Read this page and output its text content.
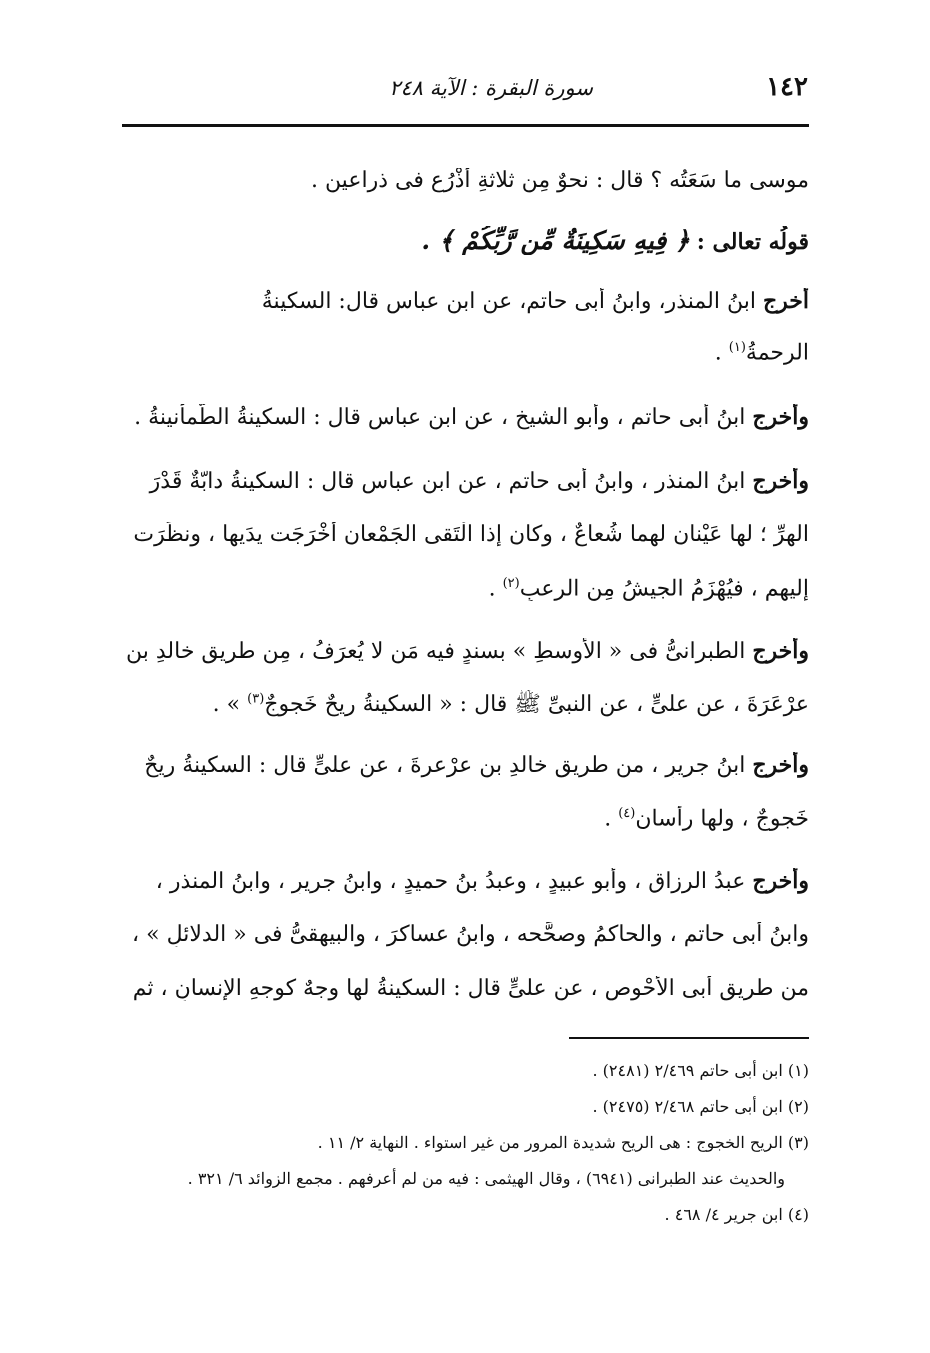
١٤٢
سورة البقرة : الآية ٢٤٨
موسى ما سَعَتُه ؟ قال : نحوٌ مِن ثلاثةِ أذْرُعٍ فى ذراعين .
قولُه تعالى : ﴿ فِيهِ سَكِينَةٌ مِّن رَّبِّكُمْ ﴾ .
أخرج ابنُ المنذرِ، وابنُ أبى حاتمٍ، عن ابنِ عباسٍ قال: السكينةُ
الرحمةُ$^{(١)}$ .
وأخرج ابنُ أبى حاتمٍ ، وأبو الشيخِ ، عن ابنِ عباسٍ قال : السكينةُ الطُّمأنينةُ .
وأخرج ابنُ المنذرِ ، وابنُ أبى حاتمٍ ، عن ابنِ عباسٍ قال : السكينةُ دابّةٌ قَدْرَ
الهِرِّ ؛ لها عَيْنان لهما شُعاعٌ ، وكان إذا الْتَقى الجَمْعان أخْرَجَت يدَيها ، ونظَرَت
إليهم ، فيُهْزَمُ الجيشُ مِن الرعبِ$^{(٢)}$ .
وأخرج الطبرانىُّ فى « الأوسطِ » بسندٍ فيه مَن لا يُعرَفُ ، مِن طريقِ خالدِ بنِ
عرْعَرَةَ ، عن علىٍّ ، عن النبىِّ ﷺ قال : « السكينةُ ريحٌ خَجوجٌ$^{(٣)}$ » .
وأخرج ابنُ جريرٍ ، من طريقِ خالدِ بنِ عرْعرةَ ، عن علىٍّ قال : السكينةُ ريحٌ
خَجوجٌ ، ولها رأسان$^{(٤)}$ .
وأخرج عبدُ الرزاقِ ، وأبو عبيدٍ ، وعبدُ بنُ حميدٍ ، وابنُ جريرٍ ، وابنُ المنذرِ ،
وابنُ أبى حاتمٍ ، والحاكمُ وصحَّحه ، وابنُ عساكرَ ، والبيهقىُّ فى « الدلائلِ » ،
من طريقِ أبى الأحْوصِ ، عن علىٍّ قال : السكينةُ لها وجهٌ كوجهِ الإنسانِ ، ثم
(١) ابن أبى حاتم ٢/٤٦٩ (٢٤٨١) .
(٢) ابن أبى حاتم ٢/٤٦٨ (٢٤٧٥) .
(٣) الريح الخجوج : هى الريح شديدة المرور من غير استواء . النهاية ٢/ ١١ .
والحديث عند الطبرانى (٦٩٤١) ، وقال الهيثمى : فيه من لم أعرفهم . مجمع الزوائد ٦/ ٣٢١ .
(٤) ابن جرير ٤/ ٤٦٨ .
